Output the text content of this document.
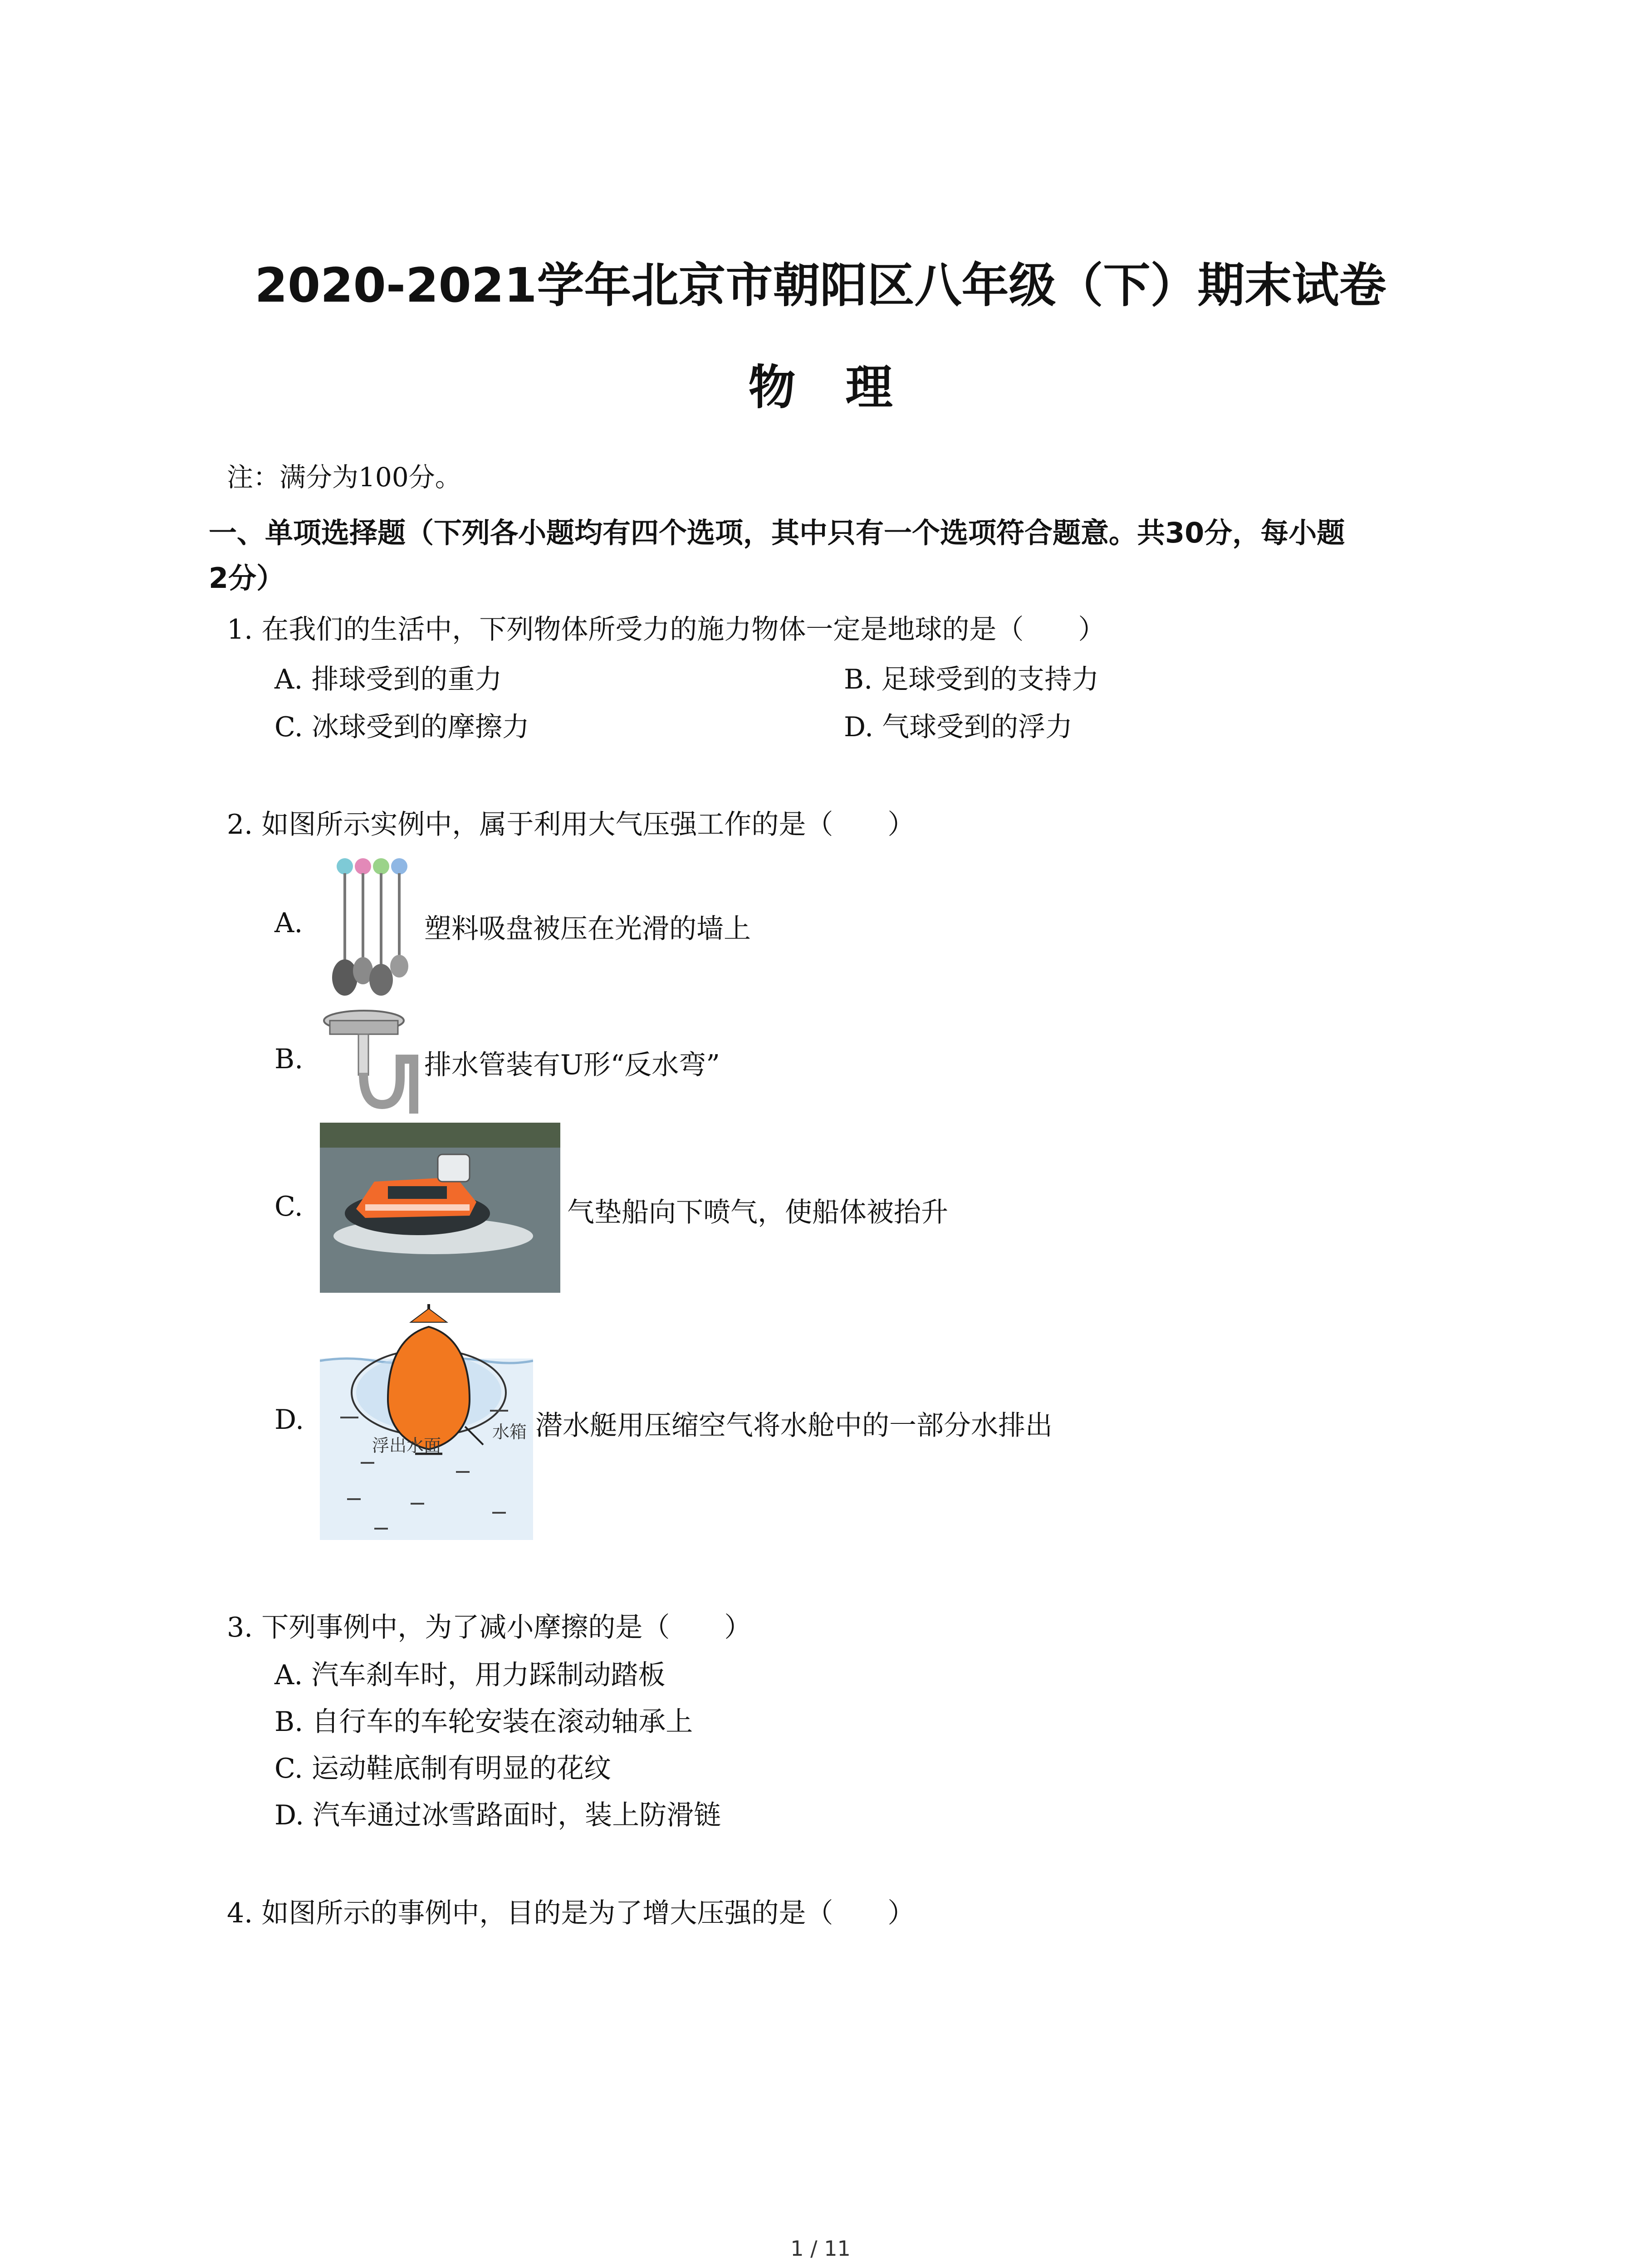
2020-2021学年北京市朝阳区八年级（下）期末试卷
物理
注：满分为100分。
一、单项选择题（下列各小题均有四个选项，其中只有一个选项符合题意。共30分，每小题
2分）
1. 在我们的生活中，下列物体所受力的施力物体一定是地球的是（　　）
A. 排球受到的重力	B. 足球受到的支持力
C. 冰球受到的摩擦力	D. 气球受到的浮力
2. 如图所示实例中，属于利用大气压强工作的是（　　）
A.	塑料吸盘被压在光滑的墙上
B.	排水管装有U形“反水弯”
C.	气垫船向下喷气，使船体被抬升
D.
浮出水面
水箱 潜水艇用压缩空气将水舱中的一部分水排出
3. 下列事例中，为了减小摩擦的是（　　）
A. 汽车刹车时，用力踩制动踏板
B. 自行车的车轮安装在滚动轴承上
C. 运动鞋底制有明显的花纹
D. 汽车通过冰雪路面时，装上防滑链
4. 如图所示的事例中，目的是为了增大压强的是（　　）
1 / 11
